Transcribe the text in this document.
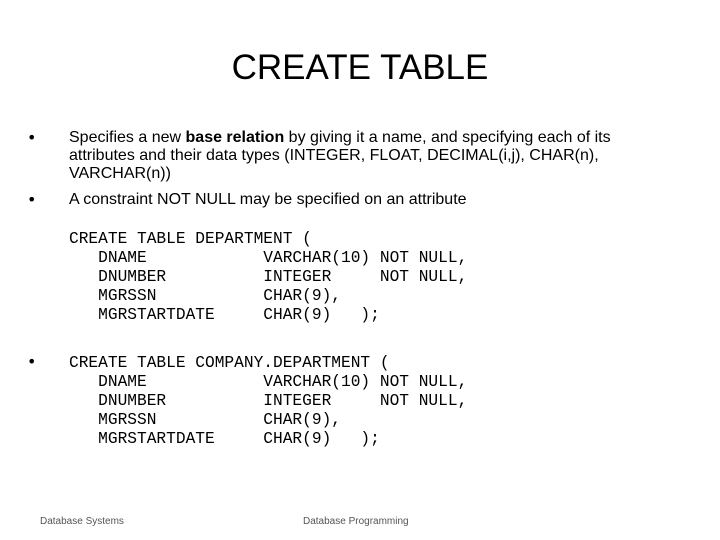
CREATE TABLE
•	Specifies a new base relation by giving it a name, and specifying each of its attributes and their data types (INTEGER, FLOAT, DECIMAL(i,j), CHAR(n), VARCHAR(n))
•	A constraint NOT NULL may be specified on an attribute
CREATE TABLE DEPARTMENT (
DNAME            VARCHAR(10) NOT NULL,
DNUMBER          INTEGER     NOT NULL,
MGRSSN           CHAR(9),
MGRSTARTDATE     CHAR(9)   );
•	CREATE TABLE COMPANY.DEPARTMENT (
DNAME            VARCHAR(10) NOT NULL,
DNUMBER          INTEGER     NOT NULL,
MGRSSN           CHAR(9),
MGRSTARTDATE     CHAR(9)   );
Database Systems	Database Programming
